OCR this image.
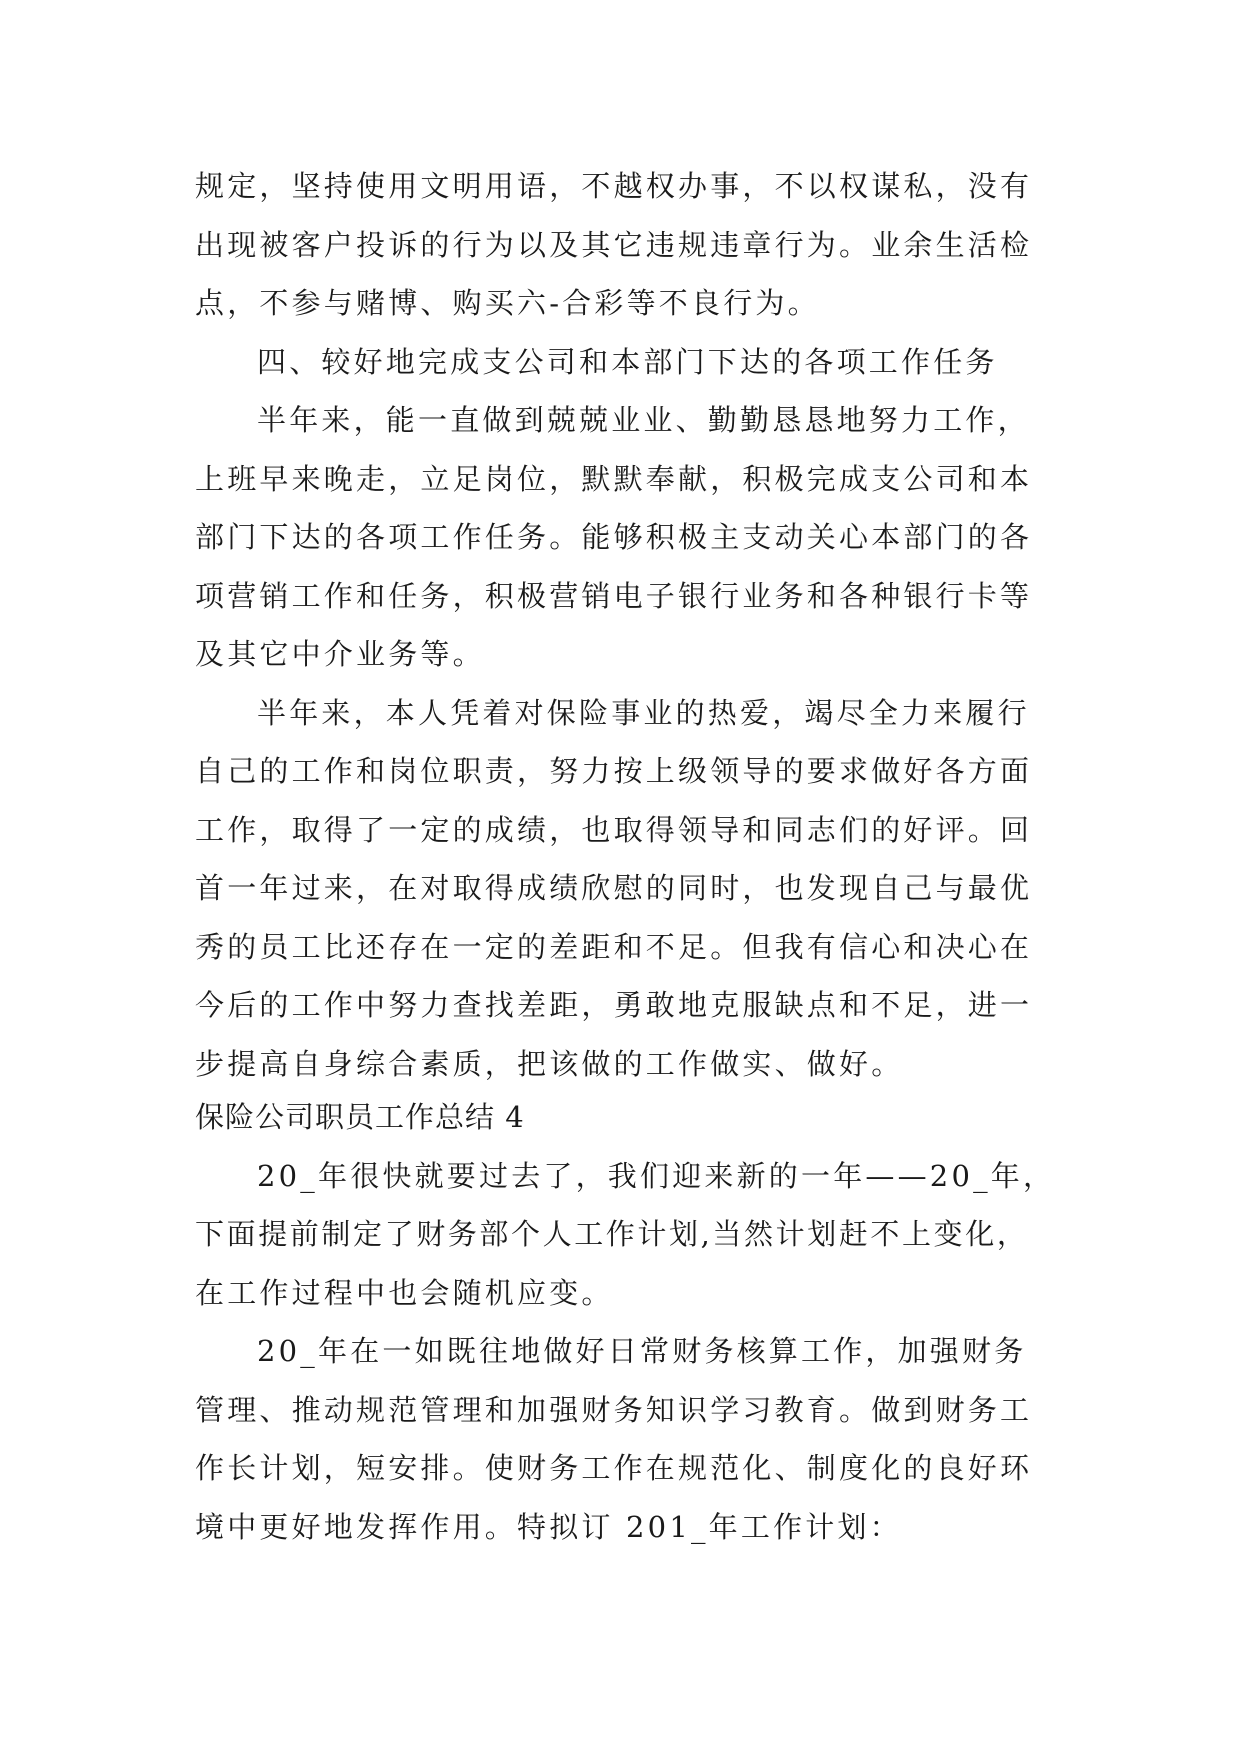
规定，坚持使用文明用语，不越权办事，不以权谋私，没有
出现被客户投诉的行为以及其它违规违章行为。业余生活检
点，不参与赌博、购买六-合彩等不良行为。
四、较好地完成支公司和本部门下达的各项工作任务
半年来，能一直做到兢兢业业、勤勤恳恳地努力工作，
上班早来晚走，立足岗位，默默奉献，积极完成支公司和本
部门下达的各项工作任务。能够积极主支动关心本部门的各
项营销工作和任务，积极营销电子银行业务和各种银行卡等
及其它中介业务等。
半年来，本人凭着对保险事业的热爱，竭尽全力来履行
自己的工作和岗位职责，努力按上级领导的要求做好各方面
工作，取得了一定的成绩，也取得领导和同志们的好评。回
首一年过来，在对取得成绩欣慰的同时，也发现自己与最优
秀的员工比还存在一定的差距和不足。但我有信心和决心在
今后的工作中努力查找差距，勇敢地克服缺点和不足，进一
步提高自身综合素质，把该做的工作做实、做好。
保险公司职员工作总结 4
20_年很快就要过去了，我们迎来新的一年——20_年，
下面提前制定了财务部个人工作计划,当然计划赶不上变化，
在工作过程中也会随机应变。
20_年在一如既往地做好日常财务核算工作，加强财务
管理、推动规范管理和加强财务知识学习教育。做到财务工
作长计划，短安排。使财务工作在规范化、制度化的良好环
境中更好地发挥作用。特拟订 201_年工作计划：
